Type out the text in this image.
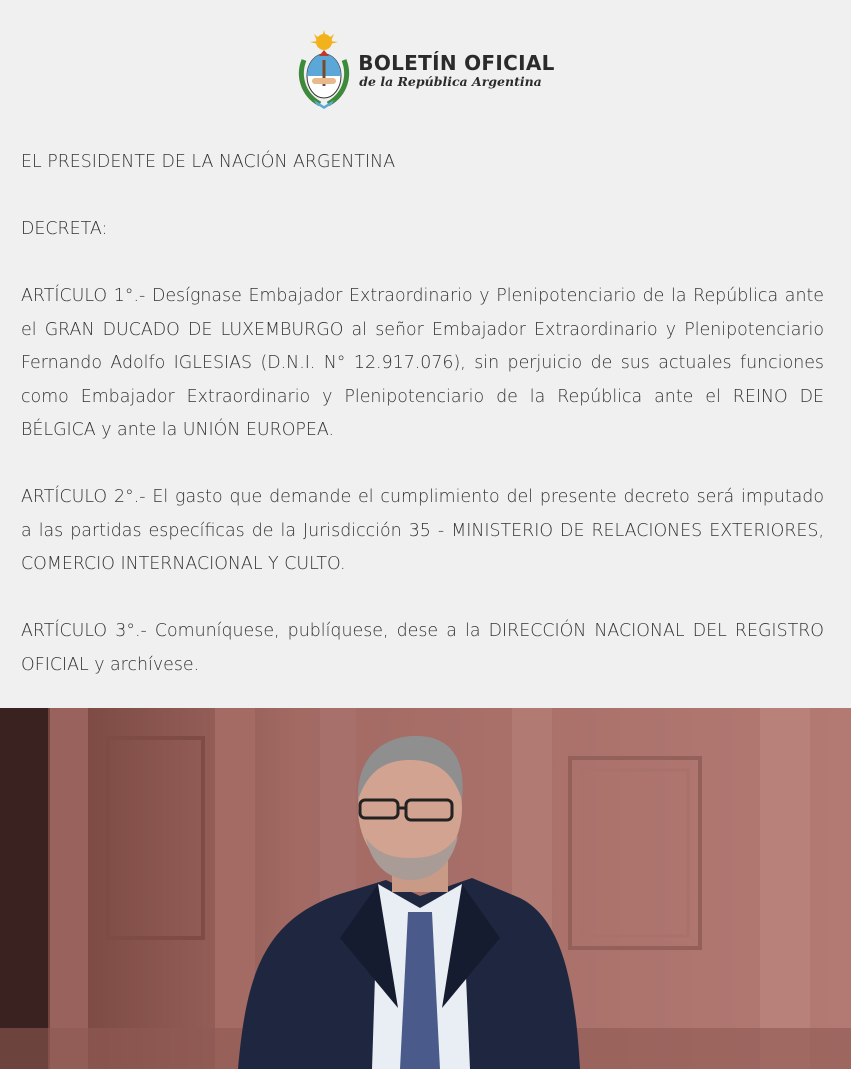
BOLETÍN OFICIAL
de la República Argentina

EL PRESIDENTE DE LA NACIÓN ARGENTINA

DECRETA:

ARTÍCULO 1°.- Desígnase Embajador Extraordinario y Plenipotenciario de la República ante el GRAN DUCADO DE LUXEMBURGO al señor Embajador Extraordinario y Plenipotenciario Fernando Adolfo IGLESIAS (D.N.I. N° 12.917.076), sin perjuicio de sus actuales funciones como Embajador Extraordinario y Plenipotenciario de la República ante el REINO DE BÉLGICA y ante la UNIÓN EUROPEA.

ARTÍCULO 2°.- El gasto que demande el cumplimiento del presente decreto será imputado a las partidas específicas de la Jurisdicción 35 - MINISTERIO DE RELACIONES EXTERIORES, COMERCIO INTERNACIONAL Y CULTO.

ARTÍCULO 3°.- Comuníquese, publíquese, dese a la DIRECCIÓN NACIONAL DEL REGISTRO OFICIAL y archívese.
